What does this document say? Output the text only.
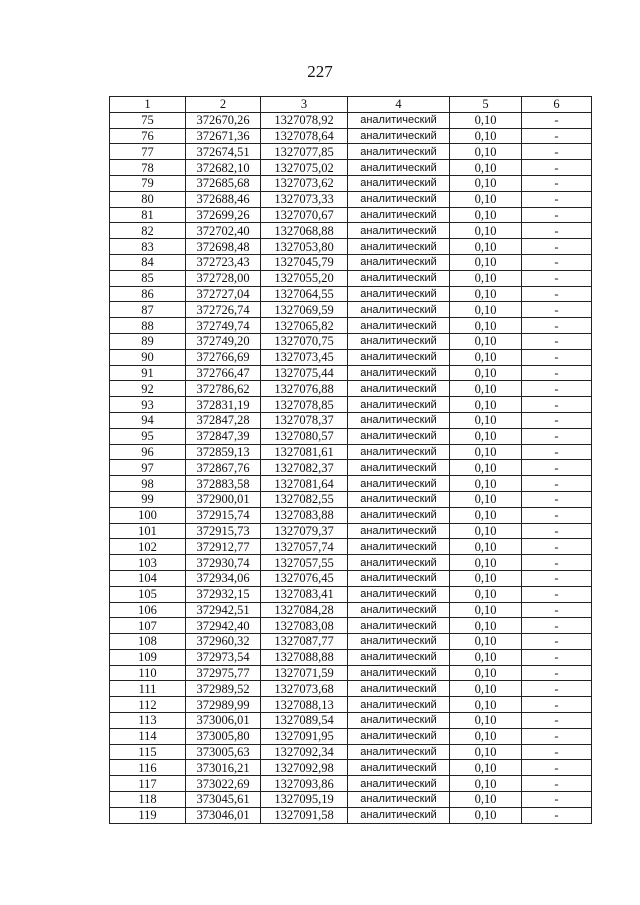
227
1	2	3	4	5	6
75	372670,26	1327078,92	аналитический	0,10	-
76	372671,36	1327078,64	аналитический	0,10	-
77	372674,51	1327077,85	аналитический	0,10	-
78	372682,10	1327075,02	аналитический	0,10	-
79	372685,68	1327073,62	аналитический	0,10	-
80	372688,46	1327073,33	аналитический	0,10	-
81	372699,26	1327070,67	аналитический	0,10	-
82	372702,40	1327068,88	аналитический	0,10	-
83	372698,48	1327053,80	аналитический	0,10	-
84	372723,43	1327045,79	аналитический	0,10	-
85	372728,00	1327055,20	аналитический	0,10	-
86	372727,04	1327064,55	аналитический	0,10	-
87	372726,74	1327069,59	аналитический	0,10	-
88	372749,74	1327065,82	аналитический	0,10	-
89	372749,20	1327070,75	аналитический	0,10	-
90	372766,69	1327073,45	аналитический	0,10	-
91	372766,47	1327075,44	аналитический	0,10	-
92	372786,62	1327076,88	аналитический	0,10	-
93	372831,19	1327078,85	аналитический	0,10	-
94	372847,28	1327078,37	аналитический	0,10	-
95	372847,39	1327080,57	аналитический	0,10	-
96	372859,13	1327081,61	аналитический	0,10	-
97	372867,76	1327082,37	аналитический	0,10	-
98	372883,58	1327081,64	аналитический	0,10	-
99	372900,01	1327082,55	аналитический	0,10	-
100	372915,74	1327083,88	аналитический	0,10	-
101	372915,73	1327079,37	аналитический	0,10	-
102	372912,77	1327057,74	аналитический	0,10	-
103	372930,74	1327057,55	аналитический	0,10	-
104	372934,06	1327076,45	аналитический	0,10	-
105	372932,15	1327083,41	аналитический	0,10	-
106	372942,51	1327084,28	аналитический	0,10	-
107	372942,40	1327083,08	аналитический	0,10	-
108	372960,32	1327087,77	аналитический	0,10	-
109	372973,54	1327088,88	аналитический	0,10	-
110	372975,77	1327071,59	аналитический	0,10	-
111	372989,52	1327073,68	аналитический	0,10	-
112	372989,99	1327088,13	аналитический	0,10	-
113	373006,01	1327089,54	аналитический	0,10	-
114	373005,80	1327091,95	аналитический	0,10	-
115	373005,63	1327092,34	аналитический	0,10	-
116	373016,21	1327092,98	аналитический	0,10	-
117	373022,69	1327093,86	аналитический	0,10	-
118	373045,61	1327095,19	аналитический	0,10	-
119	373046,01	1327091,58	аналитический	0,10	-
